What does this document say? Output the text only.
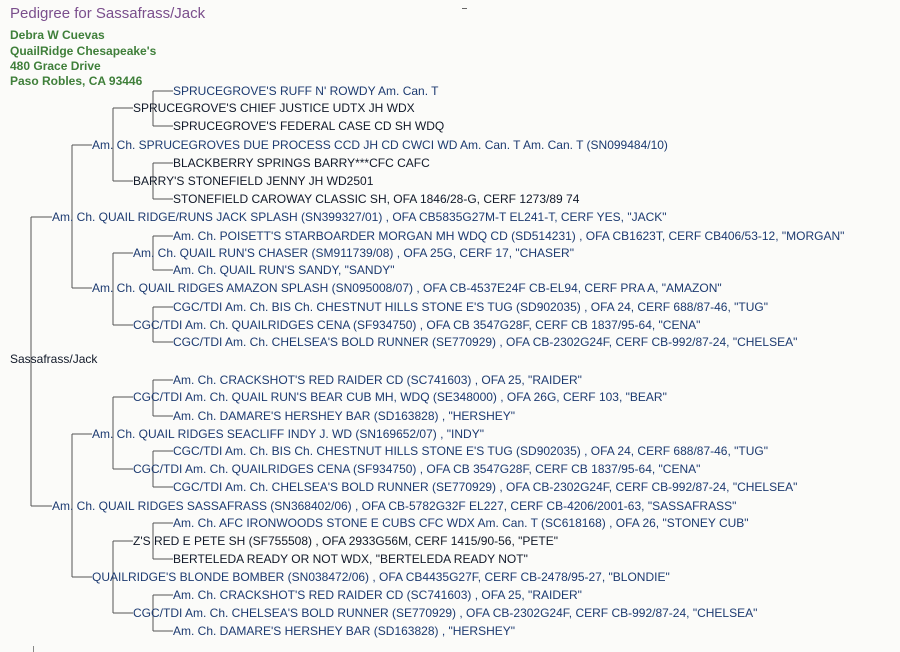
Pedigree for Sassafrass/Jack
Debra W Cuevas
QuailRidge Chesapeake's
480 Grace Drive
Paso Robles, CA 93446
Sassafrass/Jack
SPRUCEGROVE'S RUFF N' ROWDY Am. Can. T
SPRUCEGROVE'S CHIEF JUSTICE UDTX JH WDX
SPRUCEGROVE'S FEDERAL CASE CD SH WDQ
Am. Ch. SPRUCEGROVES DUE PROCESS CCD JH CD CWCI WD Am. Can. T Am. Can. T (SN099484/10)
BLACKBERRY SPRINGS BARRY***CFC CAFC
BARRY'S STONEFIELD JENNY JH WD2501
STONEFIELD CAROWAY CLASSIC SH, OFA 1846/28-G, CERF 1273/89 74
Am. Ch. QUAIL RIDGE/RUNS JACK SPLASH (SN399327/01) , OFA CB5835G27M-T EL241-T, CERF YES, "JACK"
Am. Ch. POISETT'S STARBOARDER MORGAN MH WDQ CD (SD514231) , OFA CB1623T, CERF CB406/53-12, "MORGAN"
Am. Ch. QUAIL RUN'S CHASER (SM911739/08) , OFA 25G, CERF 17, "CHASER"
Am. Ch. QUAIL RUN'S SANDY, "SANDY"
Am. Ch. QUAIL RIDGES AMAZON SPLASH (SN095008/07) , OFA CB-4537E24F CB-EL94, CERF PRA A, "AMAZON"
CGC/TDI Am. Ch. BIS Ch. CHESTNUT HILLS STONE E'S TUG (SD902035) , OFA 24, CERF 688/87-46, "TUG"
CGC/TDI Am. Ch. QUAILRIDGES CENA (SF934750) , OFA CB 3547G28F, CERF CB 1837/95-64, "CENA"
CGC/TDI Am. Ch. CHELSEA'S BOLD RUNNER (SE770929) , OFA CB-2302G24F, CERF CB-992/87-24, "CHELSEA"
Am. Ch. CRACKSHOT'S RED RAIDER CD (SC741603) , OFA 25, "RAIDER"
CGC/TDI Am. Ch. QUAIL RUN'S BEAR CUB MH, WDQ (SE348000) , OFA 26G, CERF 103, "BEAR"
Am. Ch. DAMARE'S HERSHEY BAR (SD163828) , "HERSHEY"
Am. Ch. QUAIL RIDGES SEACLIFF INDY J. WD (SN169652/07) , "INDY"
CGC/TDI Am. Ch. BIS Ch. CHESTNUT HILLS STONE E'S TUG (SD902035) , OFA 24, CERF 688/87-46, "TUG"
CGC/TDI Am. Ch. QUAILRIDGES CENA (SF934750) , OFA CB 3547G28F, CERF CB 1837/95-64, "CENA"
CGC/TDI Am. Ch. CHELSEA'S BOLD RUNNER (SE770929) , OFA CB-2302G24F, CERF CB-992/87-24, "CHELSEA"
Am. Ch. QUAIL RIDGES SASSAFRASS (SN368402/06) , OFA CB-5782G32F EL227, CERF CB-4206/2001-63, "SASSAFRASS"
Am. Ch. AFC IRONWOODS STONE E CUBS CFC WDX Am. Can. T (SC618168) , OFA 26, "STONEY CUB"
Z'S RED E PETE SH (SF755508) , OFA 2933G56M, CERF 1415/90-56, "PETE"
BERTELEDA READY OR NOT WDX, "BERTELEDA READY NOT"
QUAILRIDGE'S BLONDE BOMBER (SN038472/06) , OFA CB4435G27F, CERF CB-2478/95-27, "BLONDIE"
Am. Ch. CRACKSHOT'S RED RAIDER CD (SC741603) , OFA 25, "RAIDER"
CGC/TDI Am. Ch. CHELSEA'S BOLD RUNNER (SE770929) , OFA CB-2302G24F, CERF CB-992/87-24, "CHELSEA"
Am. Ch. DAMARE'S HERSHEY BAR (SD163828) , "HERSHEY"
